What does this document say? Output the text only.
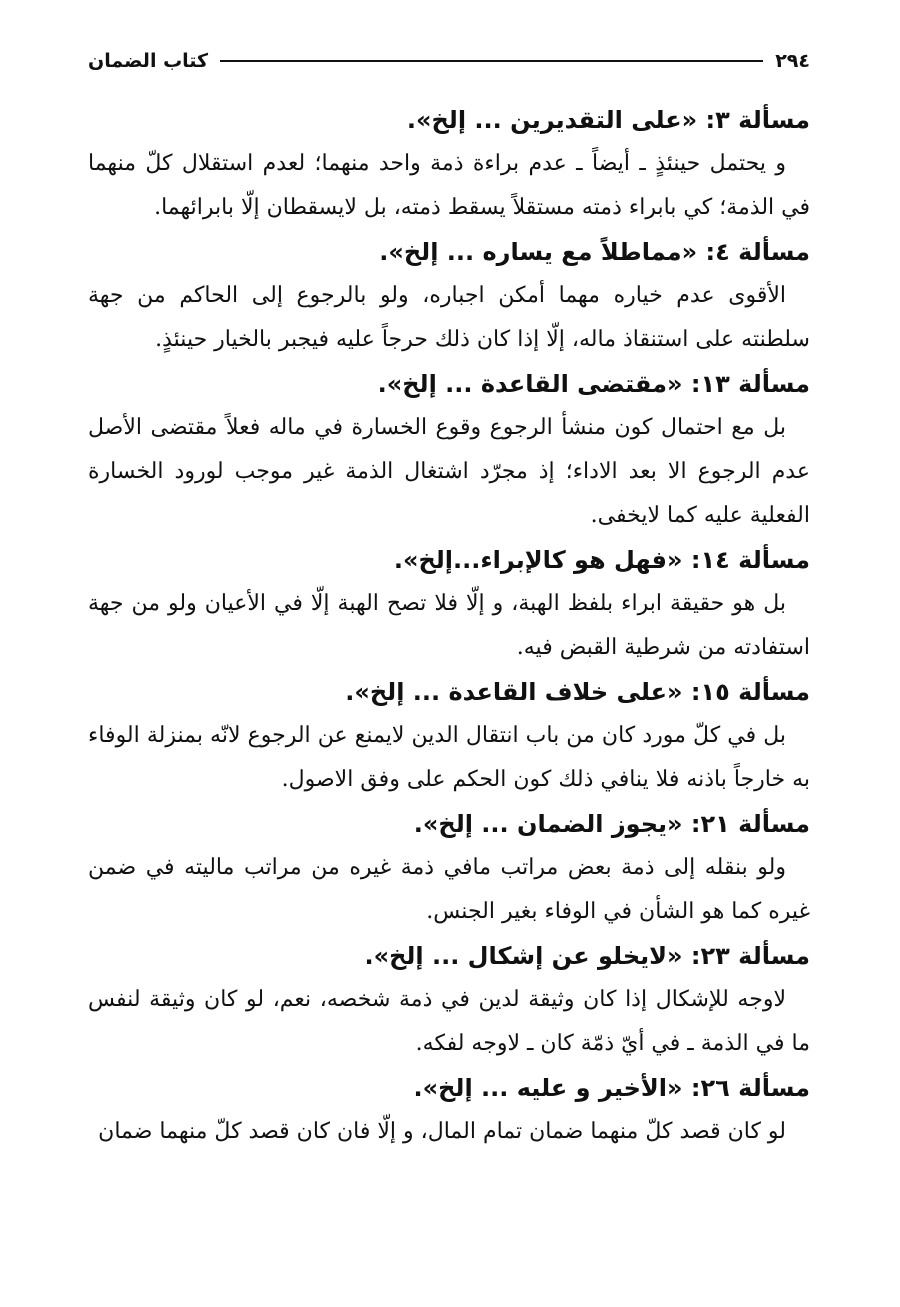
٢٩٤
كتاب الضمان
مسألة ٣: «على التقديرين ... إلخ».

و يحتمل حينئذٍ ـ أيضاً ـ عدم براءة ذمة واحد منهما؛ لعدم استقلال كلّ منهما في الذمة؛ كي بابراء ذمته مستقلاً يسقط ذمته، بل لايسقطان إلّا بابرائهما.

مسألة ٤: «مماطلاً مع يساره ... إلخ».

الأقوى عدم خياره مهما أمكن اجباره، ولو بالرجوع إلى الحاكم من جهة سلطنته على استنقاذ ماله، إلّا إذا كان ذلك حرجاً عليه فيجبر بالخيار حينئذٍ.

مسألة ١٣: «مقتضى القاعدة ... إلخ».

بل مع احتمال كون منشأ الرجوع وقوع الخسارة في ماله فعلاً مقتضى الأصل عدم الرجوع الا بعد الاداء؛ إذ مجرّد اشتغال الذمة غير موجب لورود الخسارة الفعلية عليه كما لايخفى.

مسألة ١٤: «فهل هو كالإبراء...إلخ».

بل هو حقيقة ابراء بلفظ الهبة، و إلّا فلا تصح الهبة إلّا في الأعيان ولو من جهة استفادته من شرطية القبض فيه.

مسألة ١٥: «على خلاف القاعدة ... إلخ».

بل في كلّ مورد كان من باب انتقال الدين لايمنع عن الرجوع لانّه بمنزلة الوفاء به خارجاً باذنه فلا ينافي ذلك كون الحكم على وفق الاصول.

مسألة ٢١: «يجوز الضمان ... إلخ».

ولو بنقله إلى ذمة بعض مراتب مافي ذمة غيره من مراتب ماليته في ضمن غيره كما هو الشأن في الوفاء بغير الجنس.

مسألة ٢٣: «لايخلو عن إشكال ... إلخ».

لاوجه للإشكال إذا كان وثيقة لدين في ذمة شخصه، نعم، لو كان وثيقة لنفس ما في الذمة ـ في أيّ ذمّة كان ـ لاوجه لفكه.

مسألة ٢٦: «الأخير و عليه ... إلخ».

لو كان قصد كلّ منهما ضمان تمام المال، و إلّا فان كان قصد كلّ منهما ضمان
